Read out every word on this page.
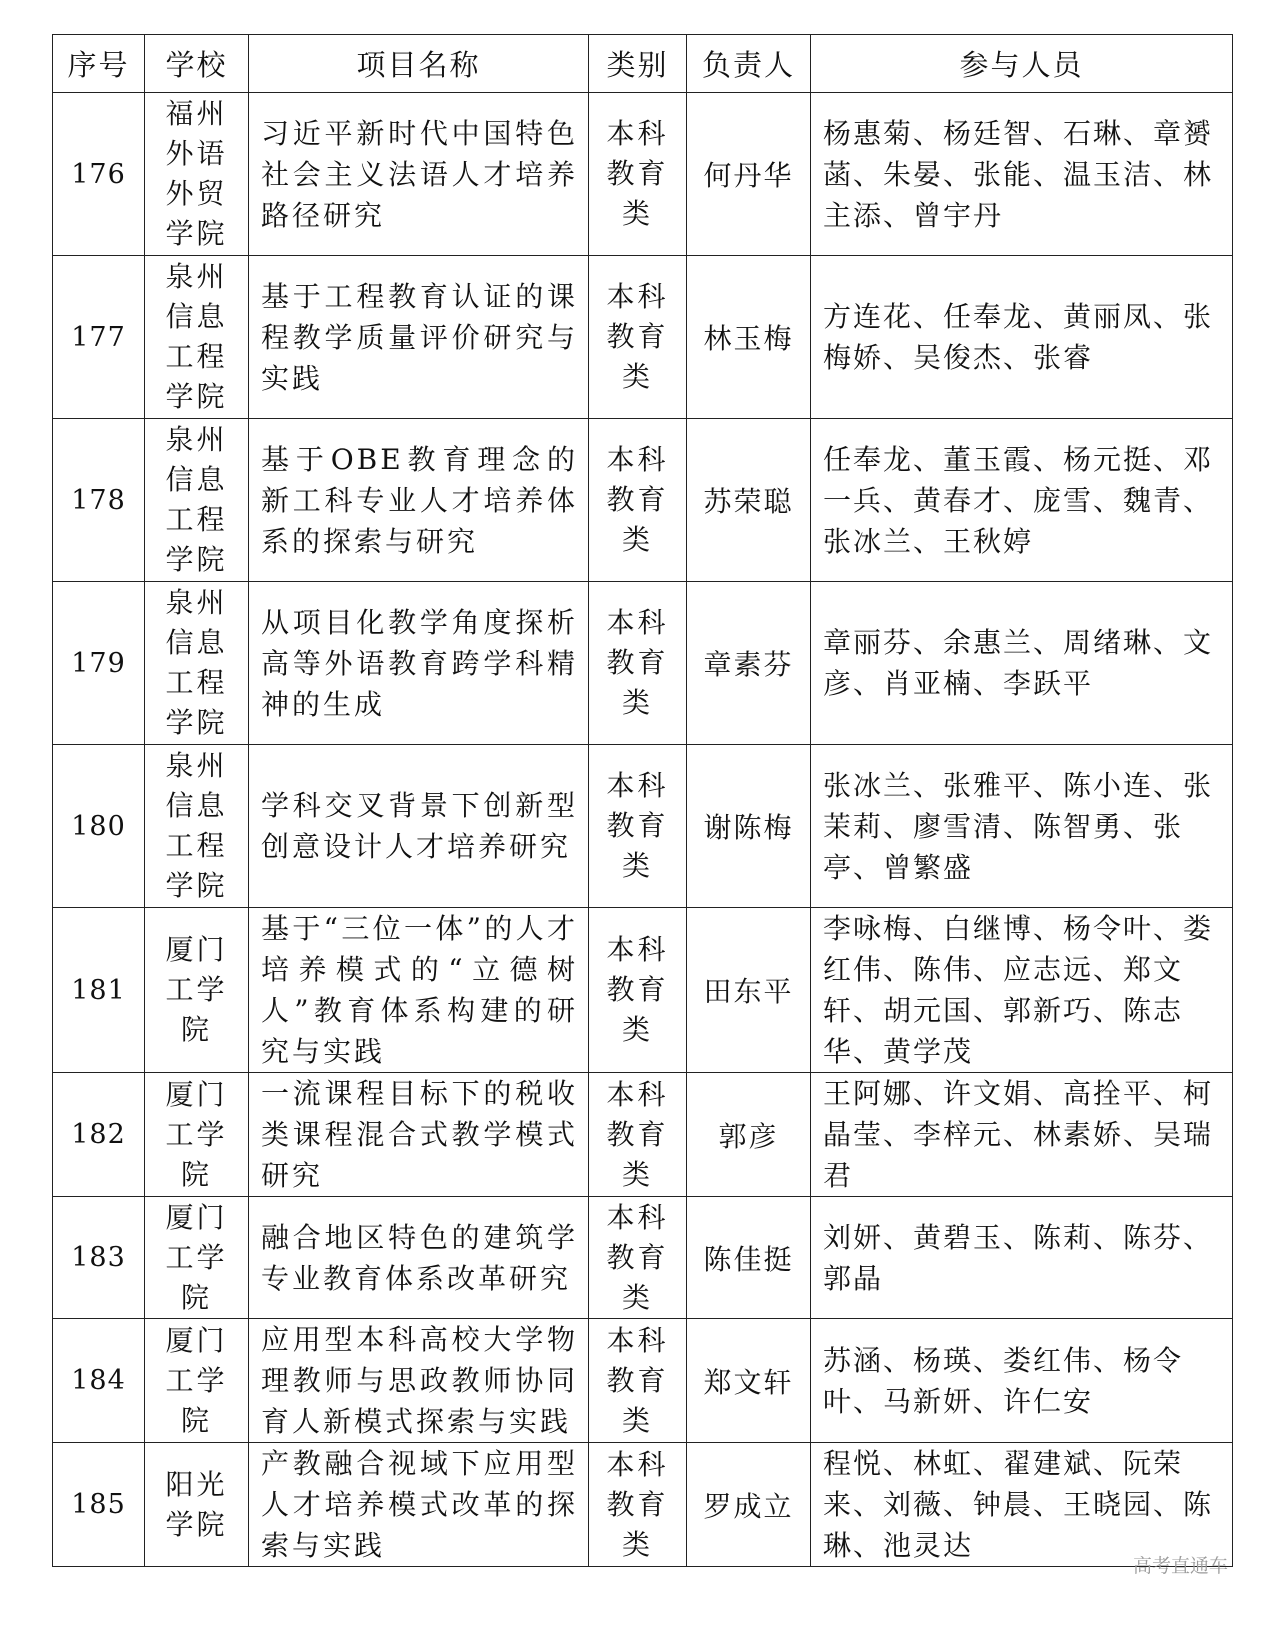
序号	学校	项目名称	类别	负责人	参与人员
176	福州外语外贸学院	习近平新时代中国特色社会主义法语人才培养路径研究	本科教育类	何丹华	杨惠菊、杨廷智、石琳、章赟菡、朱晏、张能、温玉洁、林主添、曾宇丹
177	泉州信息工程学院	基于工程教育认证的课程教学质量评价研究与实践	本科教育类	林玉梅	方连花、任奉龙、黄丽凤、张梅娇、吴俊杰、张睿
178	泉州信息工程学院	基于OBE教育理念的新工科专业人才培养体系的探索与研究	本科教育类	苏荣聪	任奉龙、董玉霞、杨元挺、邓一兵、黄春才、庞雪、魏青、张冰兰、王秋婷
179	泉州信息工程学院	从项目化教学角度探析高等外语教育跨学科精神的生成	本科教育类	章素芬	章丽芬、余惠兰、周绪琳、文彦、肖亚楠、李跃平
180	泉州信息工程学院	学科交叉背景下创新型创意设计人才培养研究	本科教育类	谢陈梅	张冰兰、张雅平、陈小连、张茉莉、廖雪清、陈智勇、张亭、曾繁盛
181	厦门工学院	基于“三位一体”的人才培养模式的“立德树人”教育体系构建的研究与实践	本科教育类	田东平	李咏梅、白继博、杨令叶、娄红伟、陈伟、应志远、郑文轩、胡元国、郭新巧、陈志华、黄学茂
182	厦门工学院	一流课程目标下的税收类课程混合式教学模式研究	本科教育类	郭彦	王阿娜、许文娟、高拴平、柯晶莹、李梓元、林素娇、吴瑞君
183	厦门工学院	融合地区特色的建筑学专业教育体系改革研究	本科教育类	陈佳挺	刘妍、黄碧玉、陈莉、陈芬、郭晶
184	厦门工学院	应用型本科高校大学物理教师与思政教师协同育人新模式探索与实践	本科教育类	郑文轩	苏涵、杨瑛、娄红伟、杨令叶、马新妍、许仁安
185	阳光学院	产教融合视域下应用型人才培养模式改革的探索与实践	本科教育类	罗成立	程悦、林虹、翟建斌、阮荣来、刘薇、钟晨、王晓园、陈琳、池灵达
高考直通车
